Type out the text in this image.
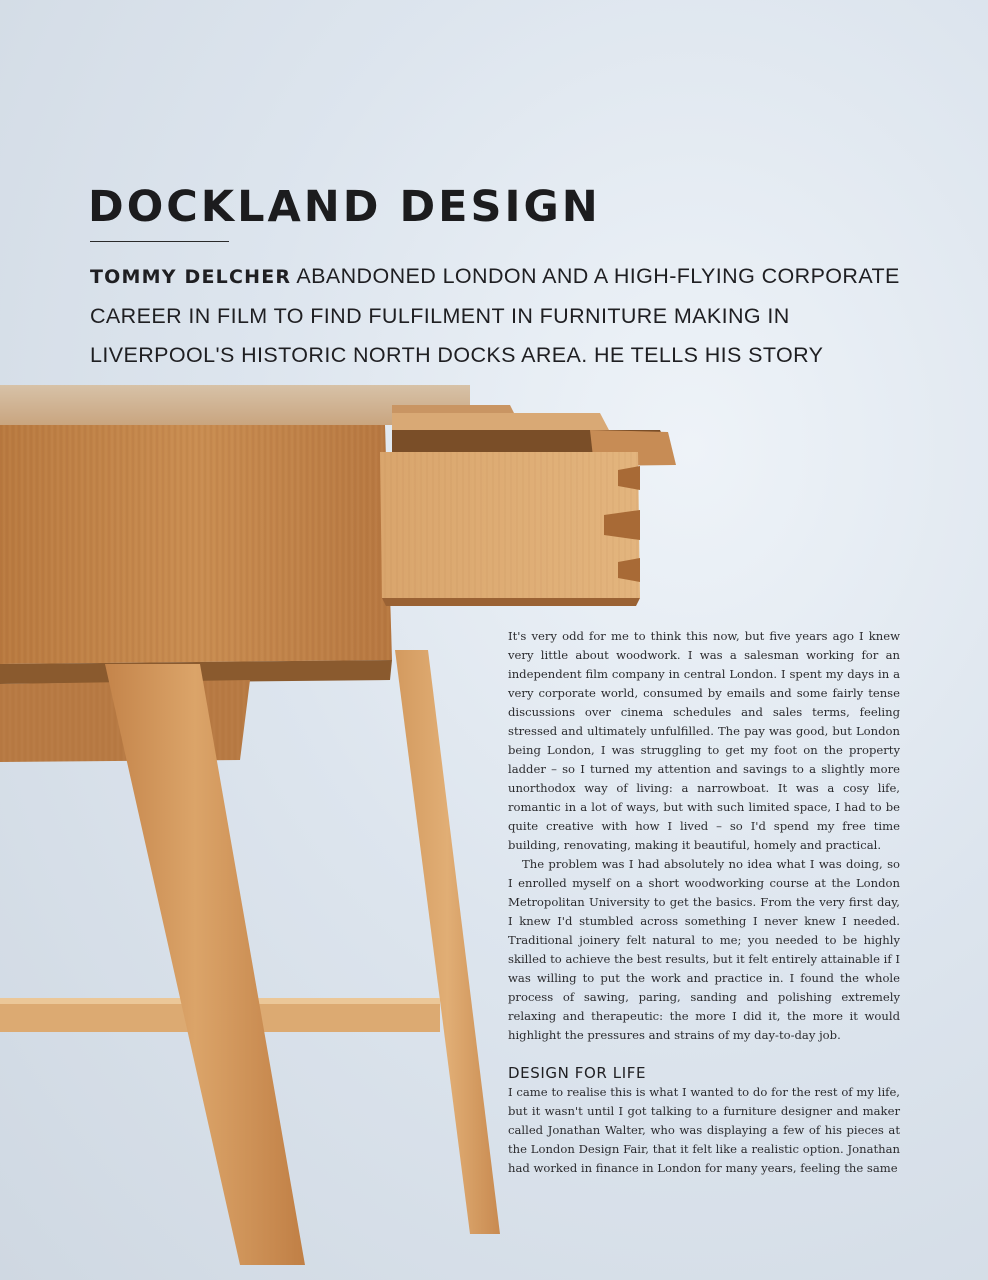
DOCKLAND DESIGN

TOMMY DELCHER ABANDONED LONDON AND A HIGH-FLYING CORPORATE CAREER IN FILM TO FIND FULFILMENT IN FURNITURE MAKING IN LIVERPOOL'S HISTORIC NORTH DOCKS AREA. HE TELLS HIS STORY

It's very odd for me to think this now, but five years ago I knew very little about woodwork. I was a salesman working for an independent film company in central London. I spent my days in a very corporate world, consumed by emails and some fairly tense discussions over cinema schedules and sales terms, feeling stressed and ultimately unfulfilled. The pay was good, but London being London, I was struggling to get my foot on the property ladder – so I turned my attention and savings to a slightly more unorthodox way of living: a narrowboat. It was a cosy life, romantic in a lot of ways, but with such limited space, I had to be quite creative with how I lived – so I'd spend my free time building, renovating, making it beautiful, homely and practical.

The problem was I had absolutely no idea what I was doing, so I enrolled myself on a short woodworking course at the London Metropolitan University to get the basics. From the very first day, I knew I'd stumbled across something I never knew I needed. Traditional joinery felt natural to me; you needed to be highly skilled to achieve the best results, but it felt entirely attainable if I was willing to put the work and practice in. I found the whole process of sawing, paring, sanding and polishing extremely relaxing and therapeutic: the more I did it, the more it would highlight the pressures and strains of my day-to-day job.

DESIGN FOR LIFE

I came to realise this is what I wanted to do for the rest of my life, but it wasn't until I got talking to a furniture designer and maker called Jonathan Walter, who was displaying a few of his pieces at the London Design Fair, that it felt like a realistic option. Jonathan had worked in finance in London for many years, feeling the same
